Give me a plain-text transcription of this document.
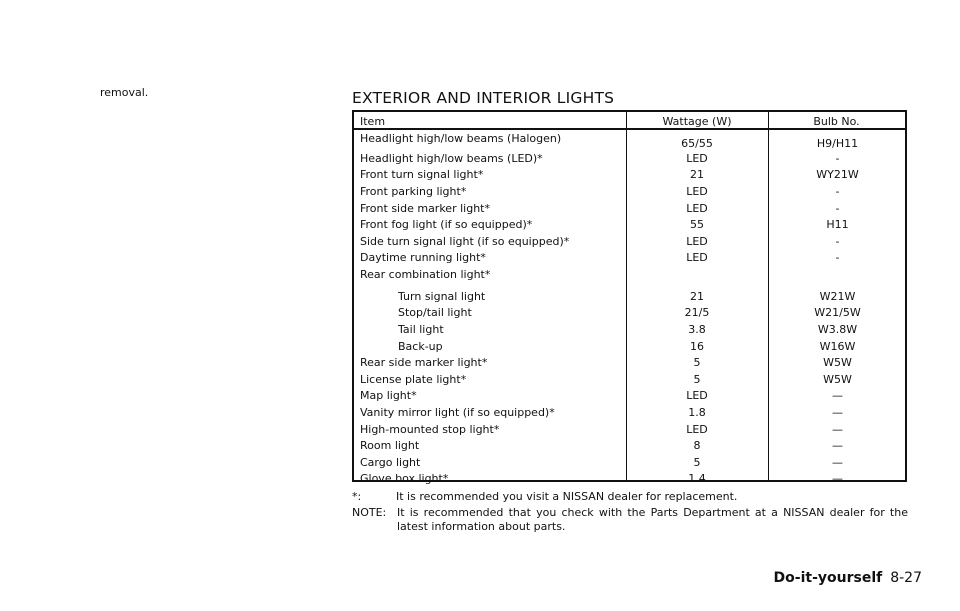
removal.	EXTERIOR AND INTERIOR LIGHTS
Item	Wattage (W)	Bulb No.
Headlight high/low beams (Halogen)	65/55	H9/H11
Headlight high/low beams (LED)*	LED	-
Front turn signal light*	21	WY21W
Front parking light*	LED	-
Front side marker light*	LED	-
Front fog light (if so equipped)*	55	H11
Side turn signal light (if so equipped)*	LED	-
Daytime running light*	LED	-
Rear combination light*
Turn signal light	21	W21W
Stop/tail light	21/5	W21/5W
Tail light	3.8	W3.8W
Back-up	16	W16W
Rear side marker light*	5	W5W
License plate light*	5	W5W
Map light*	LED	—
Vanity mirror light (if so equipped)*	1.8	—
High-mounted stop light*	LED	—
Room light	8	—
Cargo light	5	—
Glove box light*	1.4	—
*:	It is recommended you visit a NISSAN dealer for replacement.
NOTE: It is recommended that you check with the Parts Department at a NISSAN dealer for the latest information about parts.
Do-it-yourself 8-27
